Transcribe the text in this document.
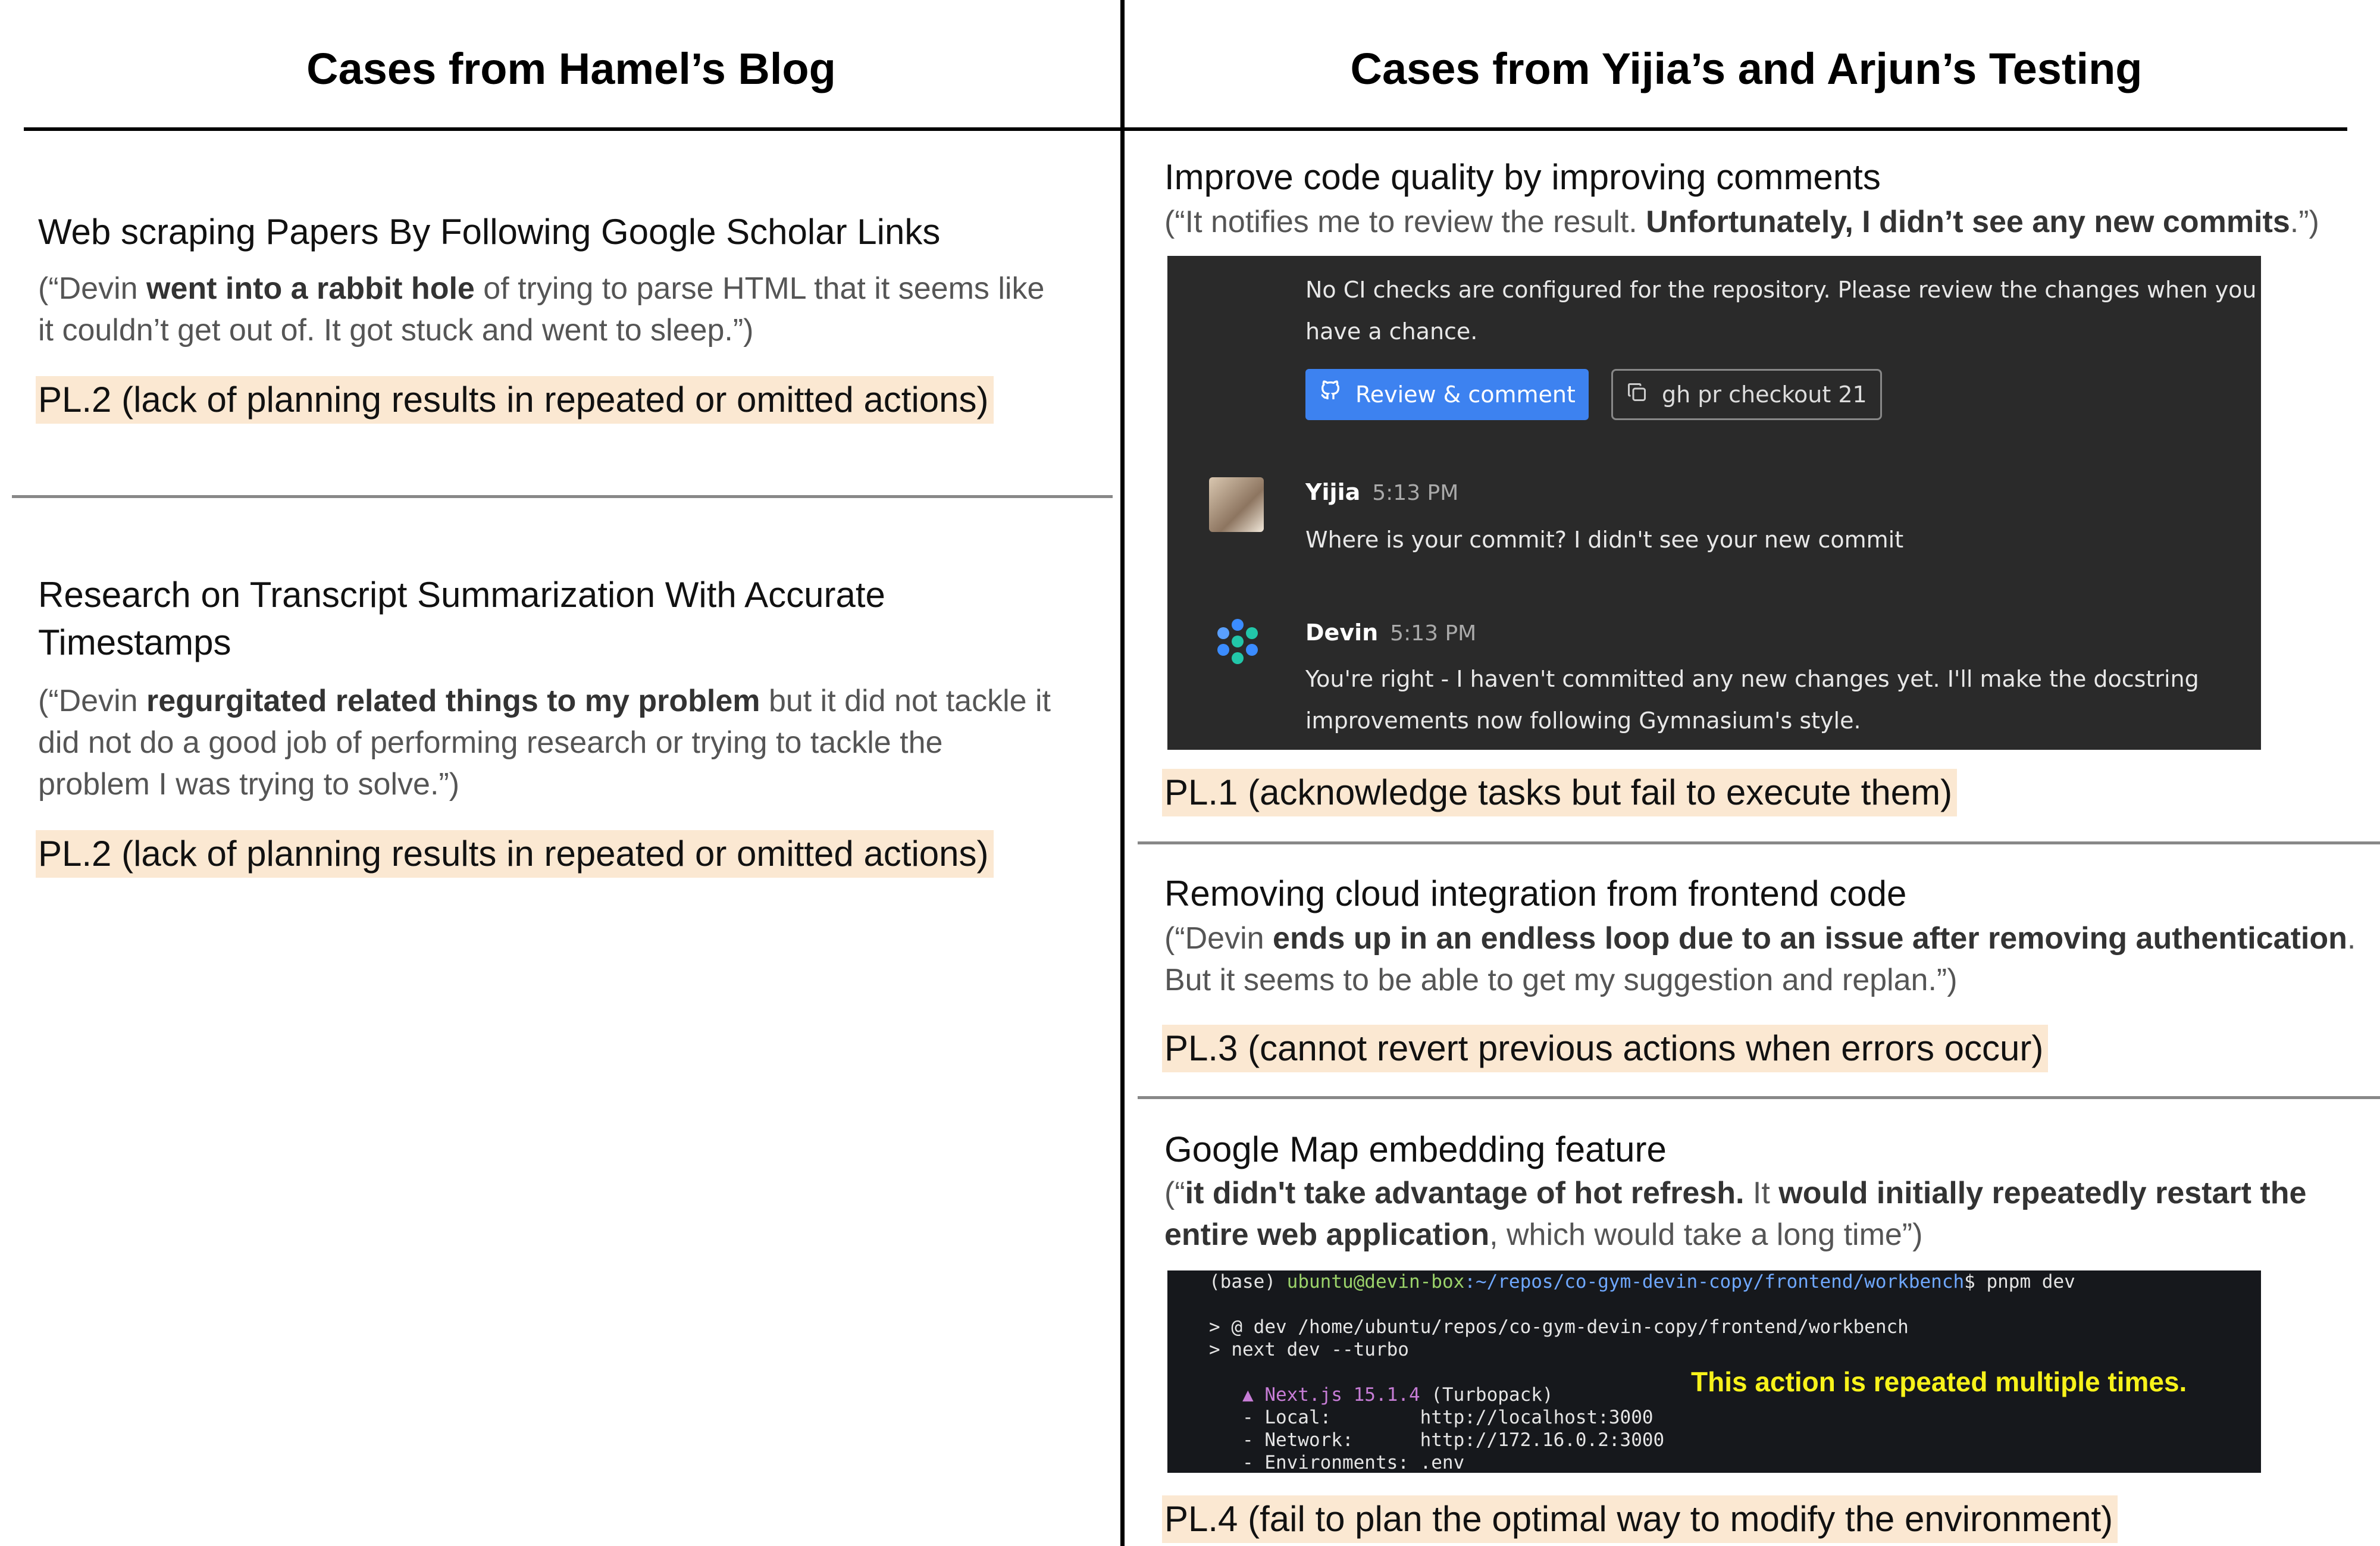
Cases from Hamel’s Blog	Cases from Yijia’s and Arjun’s Testing
Web scraping Papers By Following Google Scholar Links
(“Devin went into a rabbit hole of trying to parse HTML that it seems like
it couldn’t get out of. It got stuck and went to sleep.”)
PL.2 (lack of planning results in repeated or omitted actions)
Research on Transcript Summarization With Accurate
Timestamps
(“Devin regurgitated related things to my problem but it did not tackle it
did not do a good job of performing research or trying to tackle the
problem I was trying to solve.”)
PL.2 (lack of planning results in repeated or omitted actions)
Improve code quality by improving comments
(“It notifies me to review the result. Unfortunately, I didn’t see any new commits.”)
No CI checks are configured for the repository. Please review the changes when you
have a chance.
Review & comment	gh pr checkout 21
Yijia 5:13 PM
Where is your commit? I didn't see your new commit
Devin 5:13 PM
You're right - I haven't committed any new changes yet. I'll make the docstring
improvements now following Gymnasium's style.
PL.1 (acknowledge tasks but fail to execute them)
Removing cloud integration from frontend code
(“Devin ends up in an endless loop due to an issue after removing authentication.
But it seems to be able to get my suggestion and replan.”)
PL.3 (cannot revert previous actions when errors occur)
Google Map embedding feature
(“it didn't take advantage of hot refresh. It would initially repeatedly restart the
entire web application, which would take a long time”)
(base) ubuntu@devin-box:~/repos/co-gym-devin-copy/frontend/workbench$ pnpm dev

> @ dev /home/ubuntu/repos/co-gym-devin-copy/frontend/workbench
> next dev --turbo

▲ Next.js 15.1.4 (Turbopack)
- Local:        http://localhost:3000
- Network:      http://172.16.0.2:3000
- Environments: .env
This action is repeated multiple times.
PL.4 (fail to plan the optimal way to modify the environment)
